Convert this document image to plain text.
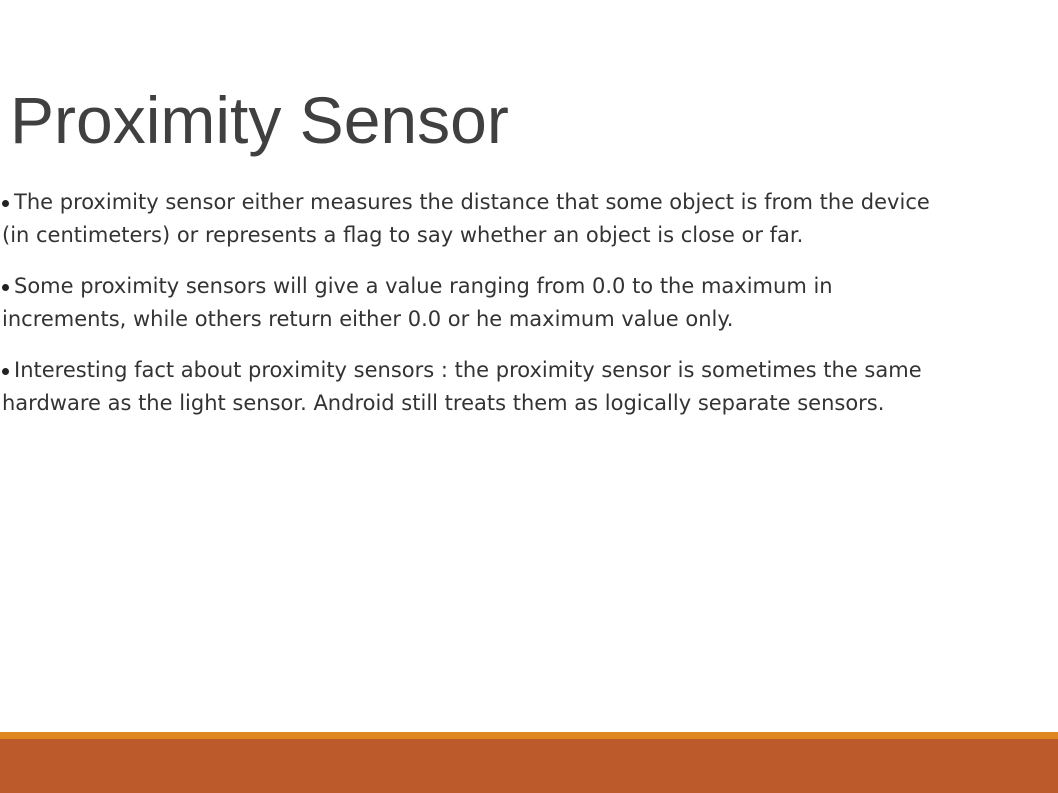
Proximity Sensor
The proximity sensor either measures the distance that some object is from the device (in centimeters) or represents a flag to say whether an object is close or far.
Some proximity sensors will give a value ranging from 0.0 to the maximum in increments, while others return either 0.0 or he maximum value only.
Interesting fact about proximity sensors : the proximity sensor is sometimes the same hardware as the light sensor. Android still treats them as logically separate sensors.
